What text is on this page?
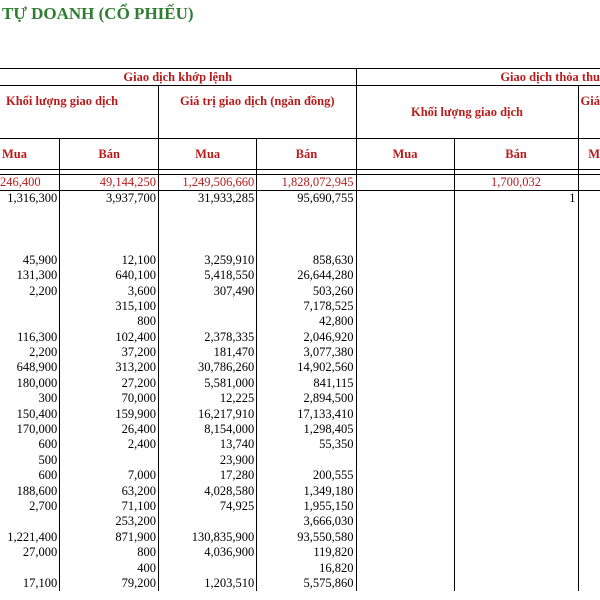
TỰ DOANH (CỔ PHIẾU)
Giao dịch khớp lệnh				Giao dịch thỏa thu		
Khối lượng giao dịch		Giá trị giao dịch (ngàn đồng)		Khối lượng giao dịch		Giá
Mua	Bán	Mua	Bán	Mua	Bán	M

246,400	49,144,250	1,249,506,660	1,828,072,945		1,700,032	
1,316,300	3,937,700	31,933,285	95,690,755		1	

45,900	12,100	3,259,910	858,630			
131,300	640,100	5,418,550	26,644,280			
2,200	3,600	307,490	503,260			
	315,100		7,178,525			
	800		42,800			
116,300	102,400	2,378,335	2,046,920			
2,200	37,200	181,470	3,077,380			
648,900	313,200	30,786,260	14,902,560			
180,000	27,200	5,581,000	841,115			
300	70,000	12,225	2,894,500			
150,400	159,900	16,217,910	17,133,410			
170,000	26,400	8,154,000	1,298,405			
600	2,400	13,740	55,350			
500		23,900				
600	7,000	17,280	200,555			
188,600	63,200	4,028,580	1,349,180			
2,700	71,100	74,925	1,955,150			
	253,200		3,666,030			
1,221,400	871,900	130,835,900	93,550,580			
27,000	800	4,036,900	119,820			
	400		16,820			
17,100	79,200	1,203,510	5,575,860			
